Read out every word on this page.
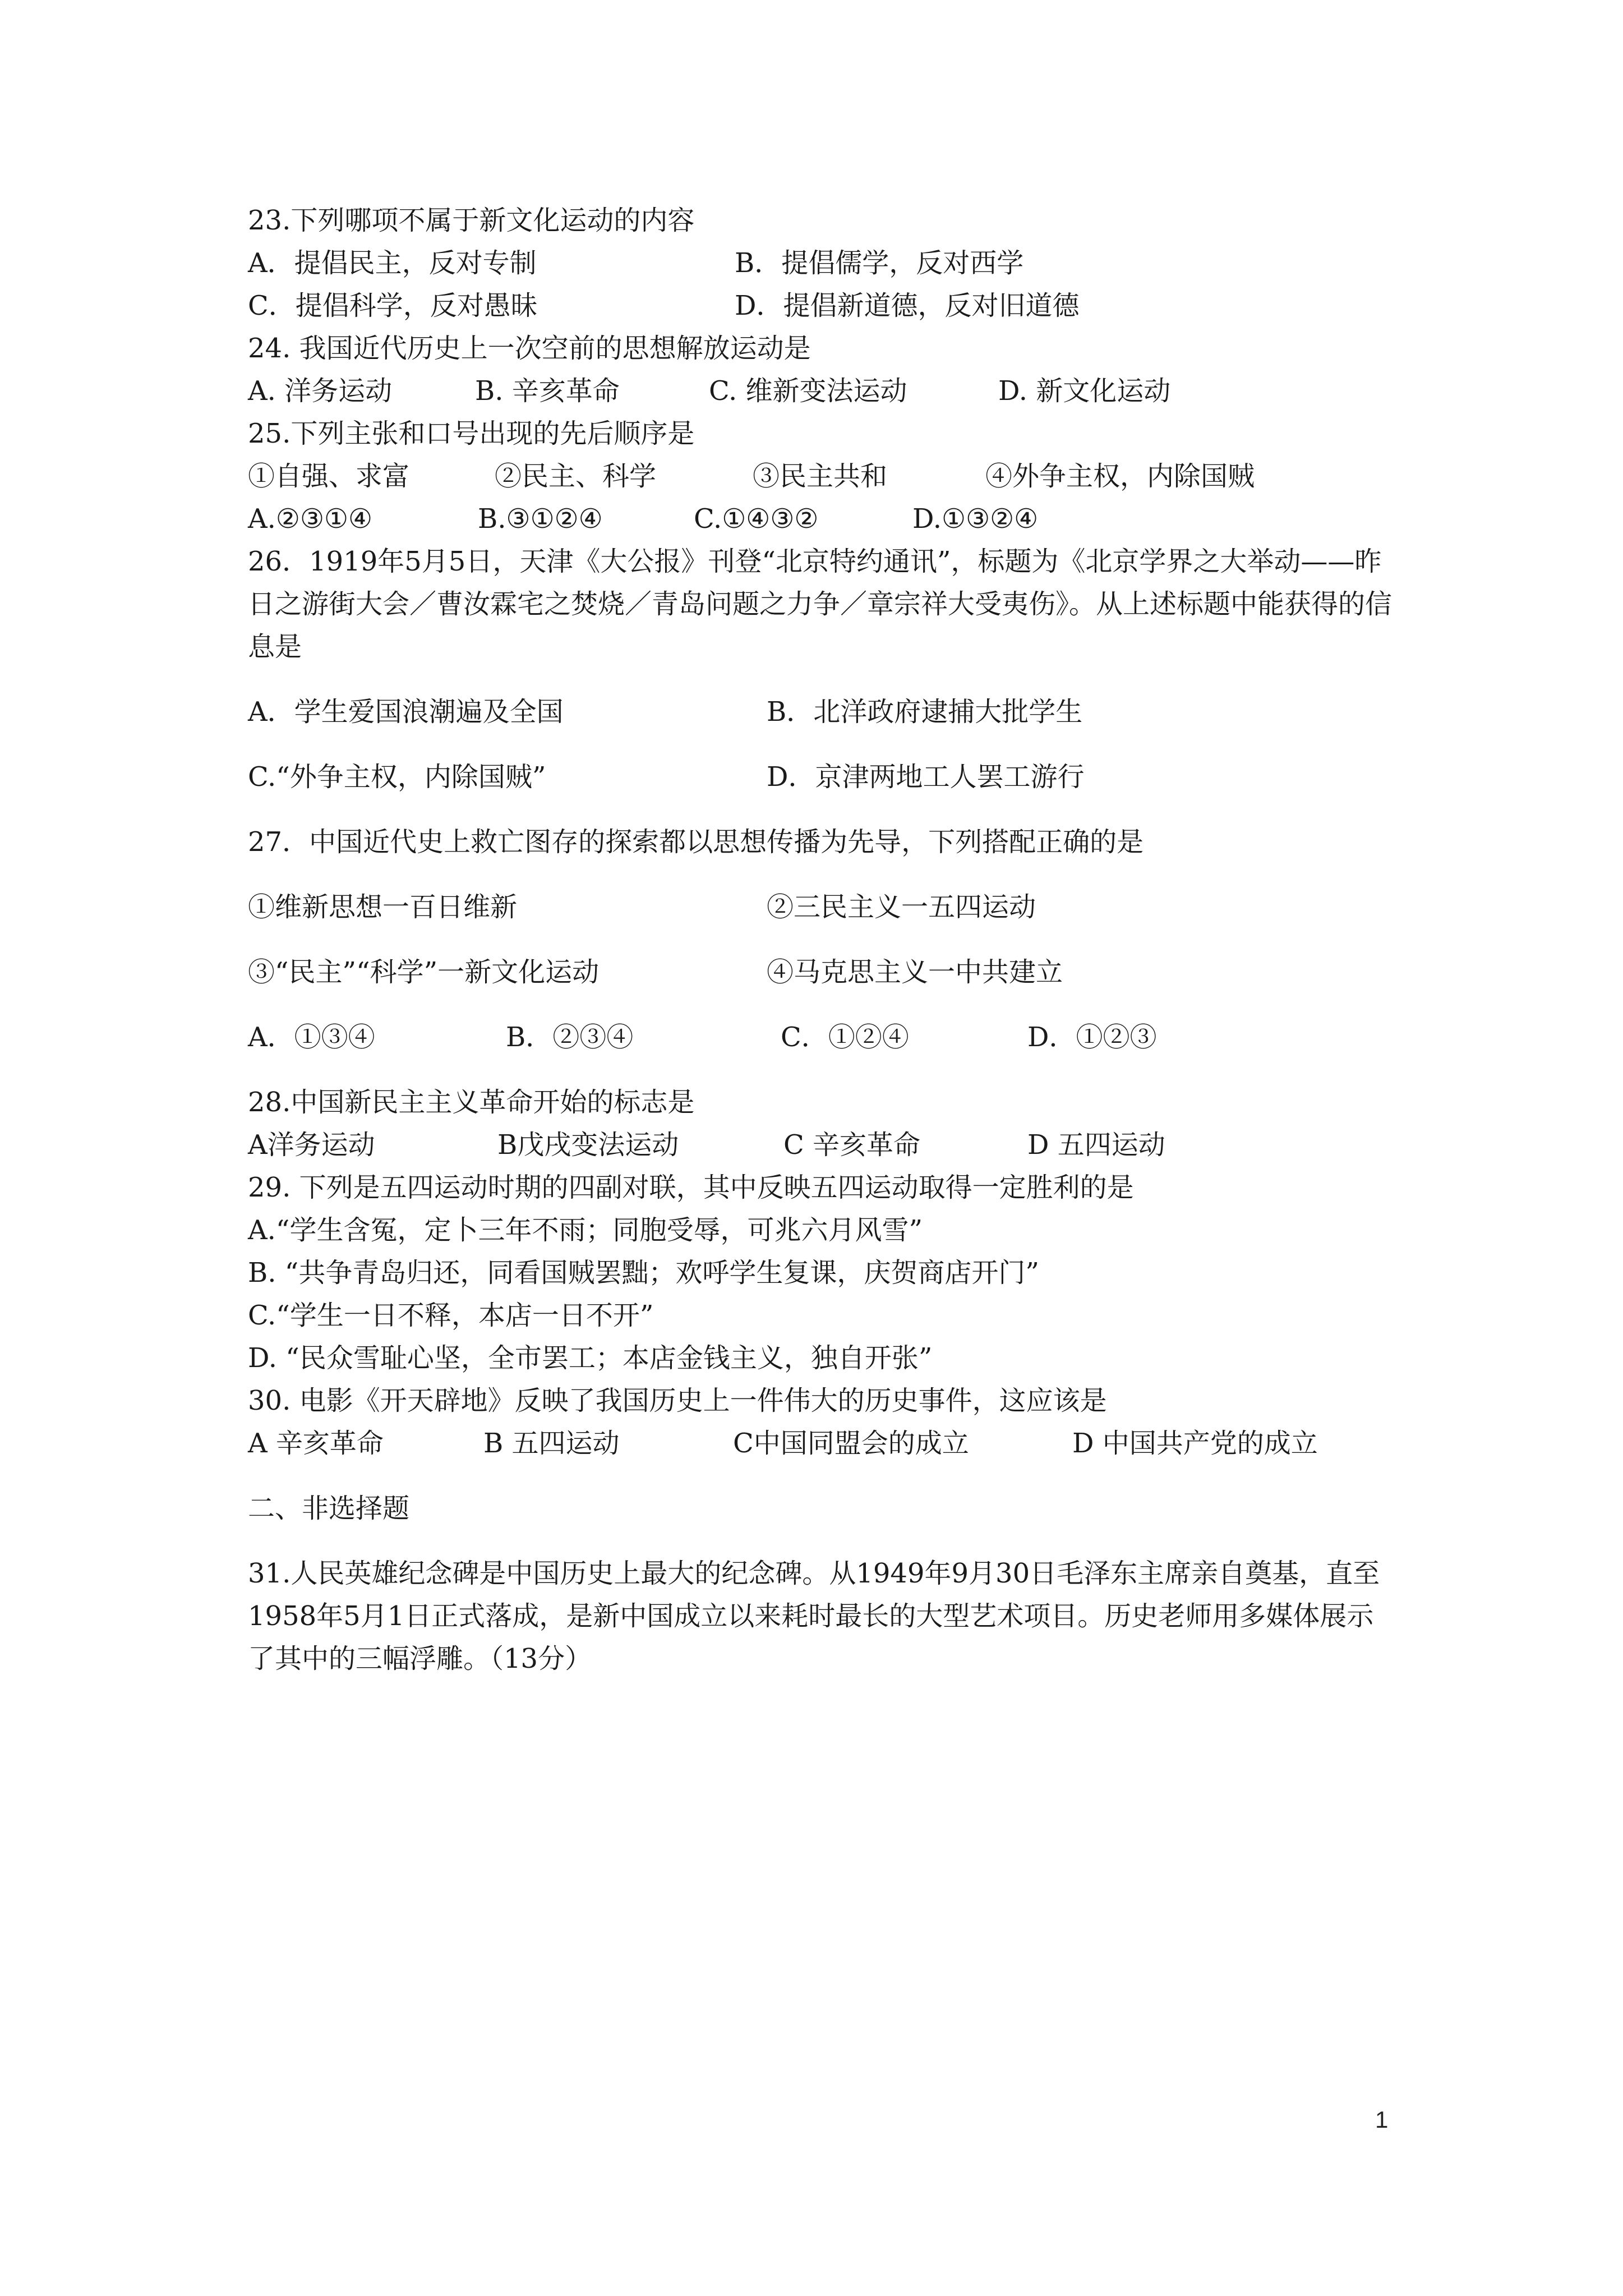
23.下列哪项不属于新文化运动的内容
A．提倡民主，反对专制	B．提倡儒学，反对西学
C．提倡科学，反对愚昧	D．提倡新道德，反对旧道德
24. 我国近代历史上一次空前的思想解放运动是
A. 洋务运动	B. 辛亥革命	C. 维新变法运动	D. 新文化运动
25.下列主张和口号出现的先后顺序是
①自强、求富	②民主、科学	③民主共和	④外争主权，内除国贼
A.②③①④	B.③①②④	C.①④③②	D.①③②④
26．1919年5月5日，天津《大公报》刊登“北京特约通讯”，标题为《北京学界之大举动——昨日之游街大会／曹汝霖宅之焚烧／青岛问题之力争／章宗祥大受夷伤》。从上述标题中能获得的信息是
A．学生爱国浪潮遍及全国	B．北洋政府逮捕大批学生
C.“外争主权，内除国贼”	D．京津两地工人罢工游行
27．中国近代史上救亡图存的探索都以思想传播为先导，下列搭配正确的是
①维新思想一百日维新	②三民主义一五四运动
③“民主”“科学”一新文化运动	④马克思主义一中共建立
A．①③④	B．②③④	C．①②④	D．①②③
28.中国新民主主义革命开始的标志是
A洋务运动	B戊戌变法运动	C 辛亥革命	D 五四运动
29. 下列是五四运动时期的四副对联，其中反映五四运动取得一定胜利的是
A.“学生含冤，定卜三年不雨；同胞受辱，可兆六月风雪”
B. “共争青岛归还，同看国贼罢黜；欢呼学生复课，庆贺商店开门”
C.“学生一日不释，本店一日不开”
D. “民众雪耻心坚，全市罢工；本店金钱主义，独自开张”
30. 电影《开天辟地》反映了我国历史上一件伟大的历史事件，这应该是
A 辛亥革命	B 五四运动	C中国同盟会的成立	D 中国共产党的成立
二、非选择题
31.人民英雄纪念碑是中国历史上最大的纪念碑。从1949年9月30日毛泽东主席亲自奠基，直至1958年5月1日正式落成，是新中国成立以来耗时最长的大型艺术项目。历史老师用多媒体展示了其中的三幅浮雕。（13分）
1
